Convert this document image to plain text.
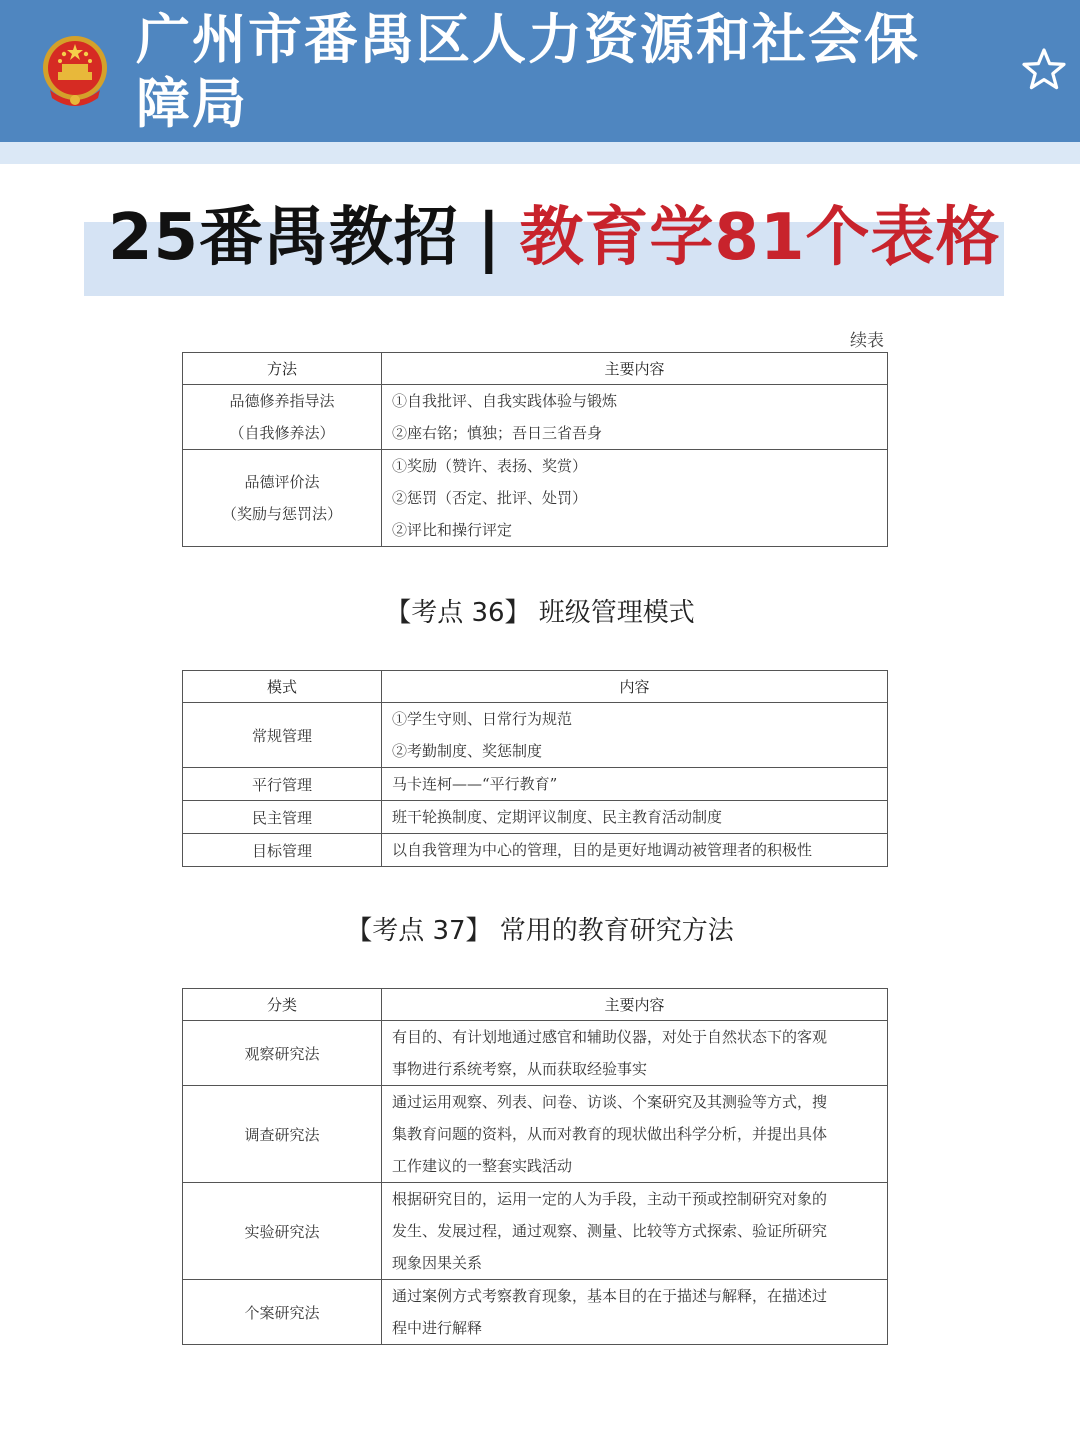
广州市番禺区人力资源和社会保障局
25番禺教招 | 教育学81个表格
续表
方法	主要内容

品德修养指导法
（自我修养法）	①自我批评、自我实践体验与锻炼
②座右铭；慎独；吾日三省吾身

品德评价法
（奖励与惩罚法）	①奖励（赞许、表扬、奖赏）
②惩罚（否定、批评、处罚）
②评比和操行评定
【考点 36】 班级管理模式
模式	内容
常规管理	①学生守则、日常行为规范
②考勤制度、奖惩制度

平行管理	马卡连柯——“平行教育”

民主管理	班干轮换制度、定期评议制度、民主教育活动制度

目标管理	以自我管理为中心的管理，目的是更好地调动被管理者的积极性
【考点 37】 常用的教育研究方法
分类	主要内容
观察研究法	有目的、有计划地通过感官和辅助仪器，对处于自然状态下的客观
事物进行系统考察，从而获取经验事实

调查研究法	通过运用观察、列表、问卷、访谈、个案研究及其测验等方式，搜
集教育问题的资料，从而对教育的现状做出科学分析，并提出具体
工作建议的一整套实践活动

实验研究法	根据研究目的，运用一定的人为手段，主动干预或控制研究对象的
发生、发展过程，通过观察、测量、比较等方式探索、验证所研究
现象因果关系

个案研究法	通过案例方式考察教育现象，基本目的在于描述与解释，在描述过
程中进行解释
